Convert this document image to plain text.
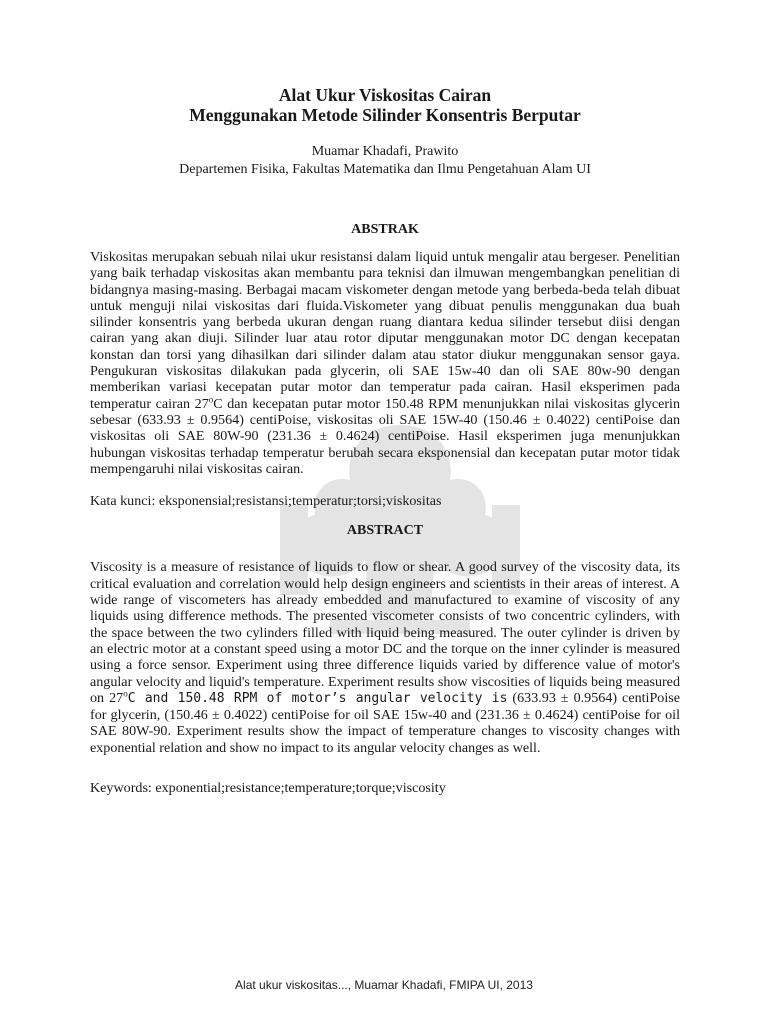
Alat Ukur Viskositas Cairan
Menggunakan Metode Silinder Konsentris Berputar
Muamar Khadafi, Prawito
Departemen Fisika, Fakultas Matematika dan Ilmu Pengetahuan Alam UI
ABSTRAK

Viskositas merupakan sebuah nilai ukur resistansi dalam liquid untuk mengalir atau bergeser. Penelitian yang baik terhadap viskositas akan membantu para teknisi dan ilmuwan mengembangkan penelitian di bidangnya masing-masing. Berbagai macam viskometer dengan metode yang berbeda-beda telah dibuat untuk menguji nilai viskositas dari fluida.Viskometer yang dibuat penulis menggunakan dua buah silinder konsentris yang berbeda ukuran dengan ruang diantara kedua silinder tersebut diisi dengan cairan yang akan diuji. Silinder luar atau rotor diputar menggunakan motor DC dengan kecepatan konstan dan torsi yang dihasilkan dari silinder dalam atau stator diukur menggunakan sensor gaya. Pengukuran viskositas dilakukan pada glycerin, oli SAE 15w-40 dan oli SAE 80w-90 dengan memberikan variasi kecepatan putar motor dan temperatur pada cairan. Hasil eksperimen pada temperatur cairan 27$^o$C dan kecepatan putar motor 150.48 RPM menunjukkan nilai viskositas glycerin sebesar (633.93 ± 0.9564) centiPoise, viskositas oli SAE 15W-40 (150.46 ± 0.4022) centiPoise dan viskositas oli SAE 80W-90 (231.36 ± 0.4624) centiPoise. Hasil eksperimen juga menunjukkan hubungan viskositas terhadap temperatur berubah secara eksponensial dan kecepatan putar motor tidak mempengaruhi nilai viskositas cairan.

Kata kunci: eksponensial;resistansi;temperatur;torsi;viskositas

ABSTRACT

Viscosity is a measure of resistance of liquids to flow or shear. A good survey of the viscosity data, its critical evaluation and correlation would help design engineers and scientists in their areas of interest. A wide range of viscometers has already embedded and manufactured to examine of viscosity of any liquids using difference methods. The presented viscometer consists of two concentric cylinders, with the space between the two cylinders filled with liquid being measured. The outer cylinder is driven by an electric motor at a constant speed using a motor DC and the torque on the inner cylinder is measured using a force sensor. Experiment using three difference liquids varied by difference value of motor's angular velocity and liquid's temperature. Experiment results show viscosities of liquids being measured on 27$^o$C and 150.48 RPM of motor’s angular velocity is (633.93 ± 0.9564) centiPoise for glycerin, (150.46 ± 0.4022) centiPoise for oil SAE 15w-40 and (231.36 ± 0.4624) centiPoise for oil SAE 80W-90. Experiment results show the impact of temperature changes to viscosity changes with exponential relation and show no impact to its angular velocity changes as well.

Keywords: exponential;resistance;temperature;torque;viscosity

Alat ukur viskositas..., Muamar Khadafi, FMIPA UI, 2013
